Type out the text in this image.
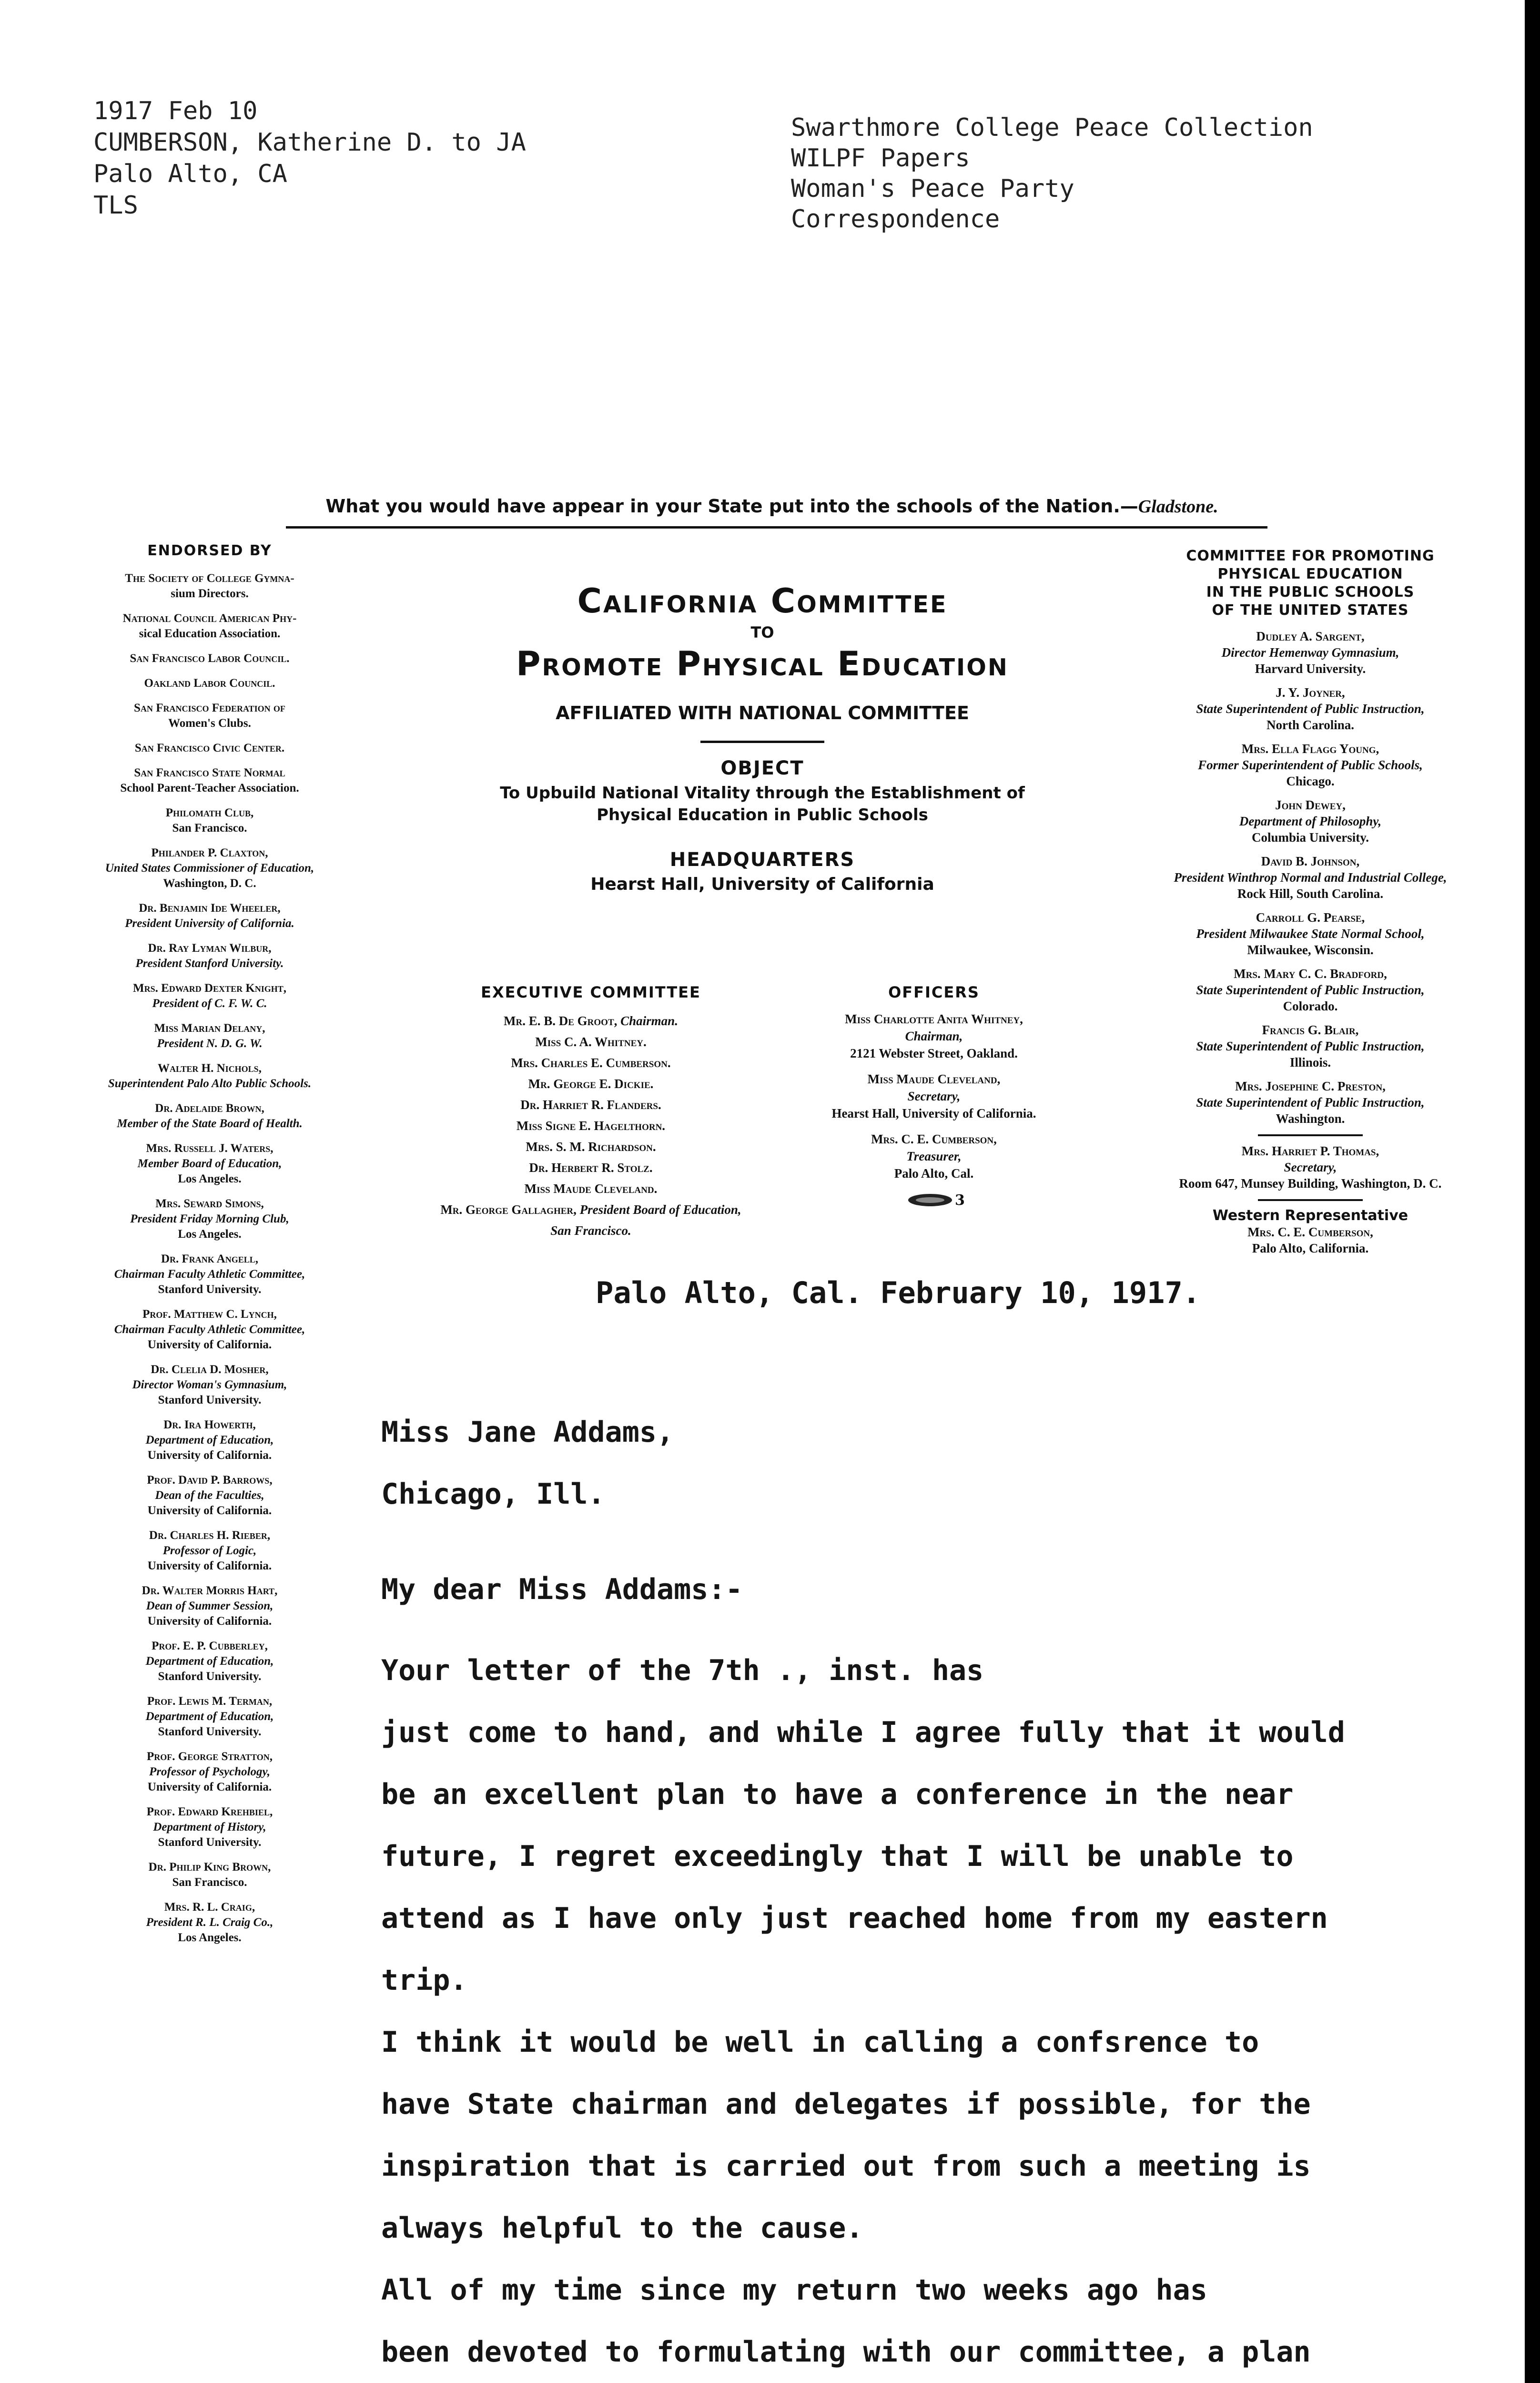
1917 Feb 10
CUMBERSON, Katherine D. to JA
Palo Alto, CA
TLS
Swarthmore College Peace Collection
WILPF Papers
Woman's Peace Party
Correspondence
What you would have appear in your State put into the schools of the Nation.—Gladstone.
ENDORSED BY
The Society of College Gymna-
sium Directors.
National Council American Phy-
sical Education Association.
San Francisco Labor Council.
Oakland Labor Council.
San Francisco Federation of
Women's Clubs.
San Francisco Civic Center.
San Francisco State Normal
School Parent-Teacher Association.
Philomath Club,
San Francisco.
Philander P. Claxton,
United States Commissioner of Education,
Washington, D. C.
Dr. Benjamin Ide Wheeler,
President University of California.
Dr. Ray Lyman Wilbur,
President Stanford University.
Mrs. Edward Dexter Knight,
President of C. F. W. C.
Miss Marian Delany,
President N. D. G. W.
Walter H. Nichols,
Superintendent Palo Alto Public Schools.
Dr. Adelaide Brown,
Member of the State Board of Health.
Mrs. Russell J. Waters,
Member Board of Education,
Los Angeles.
Mrs. Seward Simons,
President Friday Morning Club,
Los Angeles.
Dr. Frank Angell,
Chairman Faculty Athletic Committee,
Stanford University.
Prof. Matthew C. Lynch,
Chairman Faculty Athletic Committee,
University of California.
Dr. Clelia D. Mosher,
Director Woman's Gymnasium,
Stanford University.
Dr. Ira Howerth,
Department of Education,
University of California.
Prof. David P. Barrows,
Dean of the Faculties,
University of California.
Dr. Charles H. Rieber,
Professor of Logic,
University of California.
Dr. Walter Morris Hart,
Dean of Summer Session,
University of California.
Prof. E. P. Cubberley,
Department of Education,
Stanford University.
Prof. Lewis M. Terman,
Department of Education,
Stanford University.
Prof. George Stratton,
Professor of Psychology,
University of California.
Prof. Edward Krehbiel,
Department of History,
Stanford University.
Dr. Philip King Brown,
San Francisco.
Mrs. R. L. Craig,
President R. L. Craig Co.,
Los Angeles.
California Committee
TO
Promote Physical Education
AFFILIATED WITH NATIONAL COMMITTEE
OBJECT
To Upbuild National Vitality through the Establishment of
Physical Education in Public Schools
HEADQUARTERS
Hearst Hall, University of California
EXECUTIVE COMMITTEE
Mr. E. B. De Groot, Chairman.
Miss C. A. Whitney.
Mrs. Charles E. Cumberson.
Mr. George E. Dickie.
Dr. Harriet R. Flanders.
Miss Signe E. Hagelthorn.
Mrs. S. M. Richardson.
Dr. Herbert R. Stolz.
Miss Maude Cleveland.
Mr. George Gallagher, President Board of Education,
San Francisco.
OFFICERS
Miss Charlotte Anita Whitney,
Chairman,
2121 Webster Street, Oakland.
Miss Maude Cleveland,
Secretary,
Hearst Hall, University of California.
Mrs. C. E. Cumberson,
Treasurer,
Palo Alto, Cal.
3
COMMITTEE FOR PROMOTING
PHYSICAL EDUCATION
IN THE PUBLIC SCHOOLS
OF THE UNITED STATES
Dudley A. Sargent,
Director Hemenway Gymnasium,
Harvard University.
J. Y. Joyner,
State Superintendent of Public Instruction,
North Carolina.
Mrs. Ella Flagg Young,
Former Superintendent of Public Schools,
Chicago.
John Dewey,
Department of Philosophy,
Columbia University.
David B. Johnson,
President Winthrop Normal and Industrial College,
Rock Hill, South Carolina.
Carroll G. Pearse,
President Milwaukee State Normal School,
Milwaukee, Wisconsin.
Mrs. Mary C. C. Bradford,
State Superintendent of Public Instruction,
Colorado.
Francis G. Blair,
State Superintendent of Public Instruction,
Illinois.
Mrs. Josephine C. Preston,
State Superintendent of Public Instruction,
Washington.
Mrs. Harriet P. Thomas,
Secretary,
Room 647, Munsey Building, Washington, D. C.
Western Representative
Mrs. C. E. Cumberson,
Palo Alto, California.
Palo Alto, Cal. February 10, 1917.
Miss Jane Addams,
Chicago, Ill.
My dear Miss Addams:-
Your letter of the 7th ., inst. has
just come to hand, and while I agree fully that it would
be an excellent plan to have a conference in the near
future, I regret exceedingly that I will be unable to
attend as I have only just reached home from my eastern
trip.
I think it would be well in calling a confsrence to
have State chairman and delegates if possible, for the
inspiration that is carried out from such a meeting is
always helpful to the cause.
All of my time since my return two weeks ago has
been devoted to formulating with our committee, a plan
